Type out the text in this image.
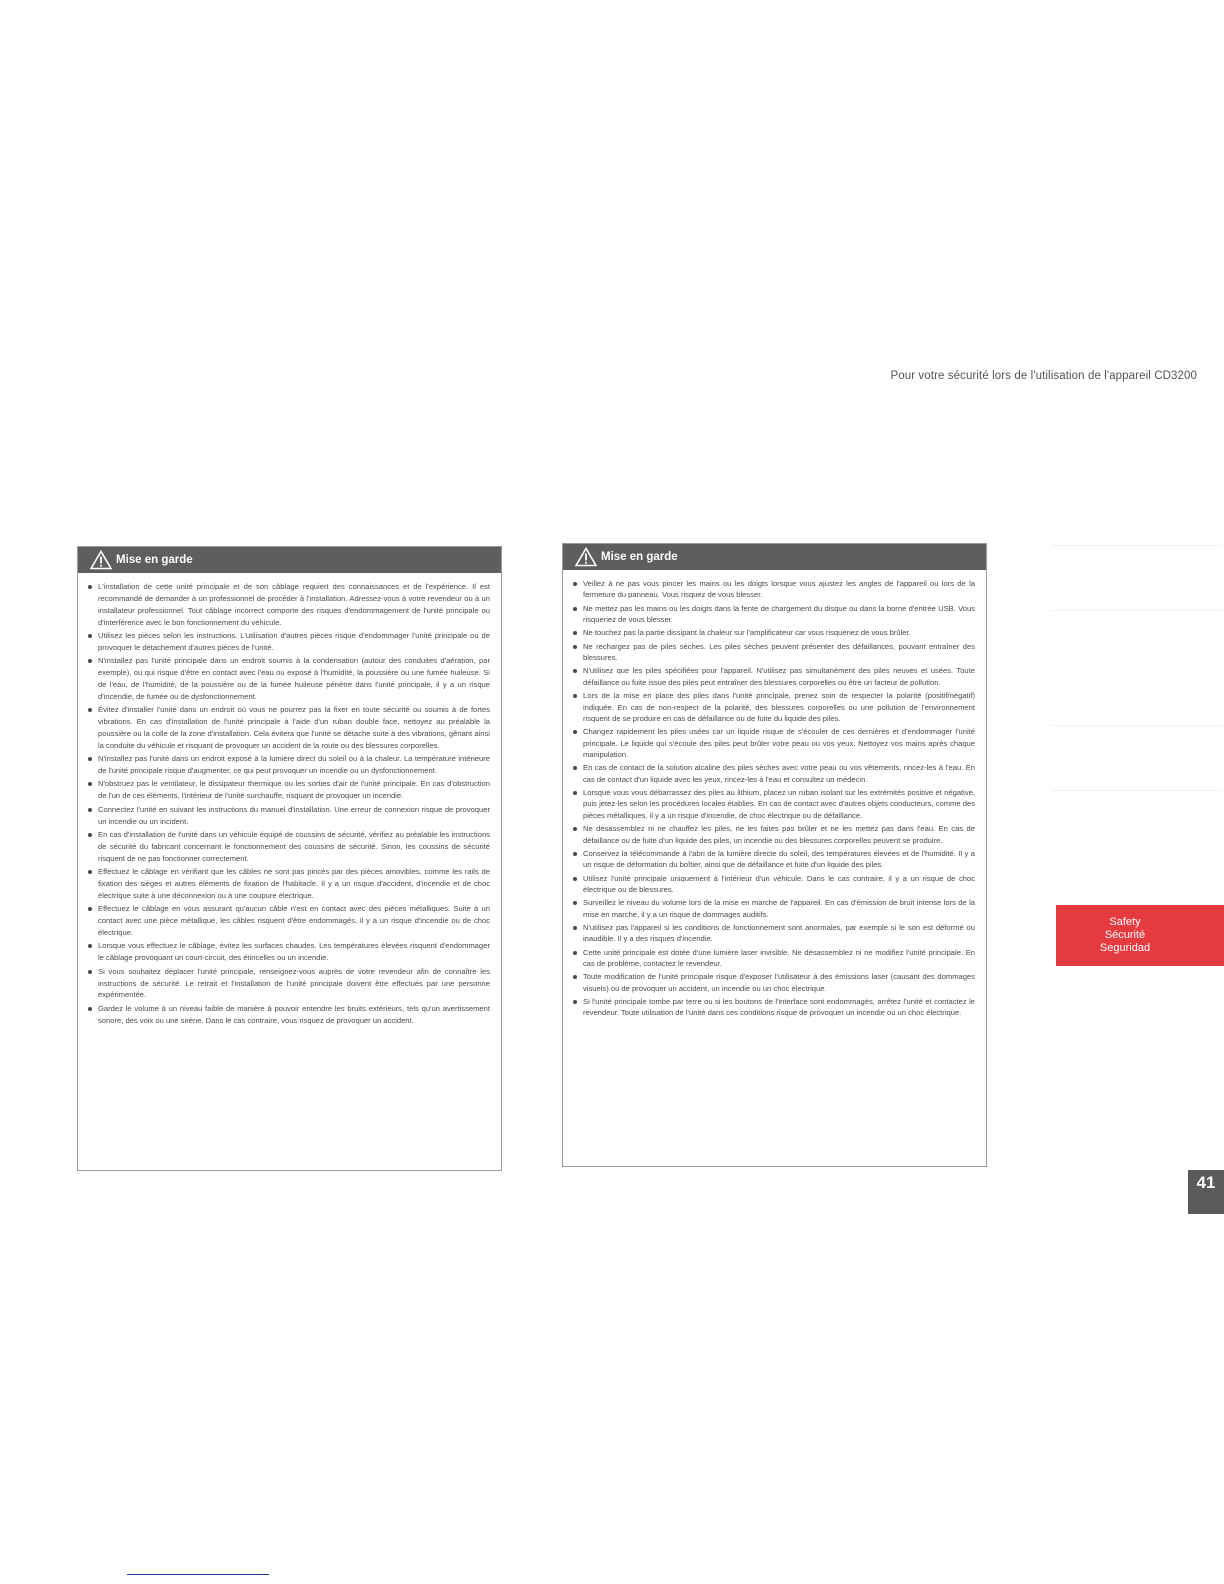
Pour votre sécurité lors de l'utilisation de l'appareil CD3200
Mise en garde
L'installation de cette unité principale et de son câblage requiert des connaissances et de l'expérience. Il est recommandé de demander à un professionnel de procéder à l'installation. Adressez-vous à votre revendeur ou à un installateur professionnel. Tout câblage incorrect comporte des risques d'endommagement de l'unité principale ou d'interférence avec le bon fonctionnement du véhicule.
Utilisez les pièces selon les instructions. L'utilisation d'autres pièces risque d'endommager l'unité principale ou de provoquer le détachement d'autres pièces de l'unité.
N'installez pas l'unité principale dans un endroit soumis à la condensation (autour des conduites d'aération, par exemple), ou qui risque d'être en contact avec l'eau ou exposé à l'humidité, la poussière ou une fumée huileuse. Si de l'eau, de l'humidité, de la poussière ou de la fumée huileuse pénètre dans l'unité principale, il y a un risque d'incendie, de fumée ou de dysfonctionnement.
Évitez d'installer l'unité dans un endroit où vous ne pourrez pas la fixer en toute sécurité ou soumis à de fortes vibrations. En cas d'installation de l'unité principale à l'aide d'un ruban double face, nettoyez au préalable la poussière ou la colle de la zone d'installation. Cela évitera que l'unité se détache suite à des vibrations, gênant ainsi la conduite du véhicule et risquant de provoquer un accident de la route ou des blessures corporelles.
N'installez pas l'unité dans un endroit exposé à la lumière direct du soleil ou à la chaleur. La température intérieure de l'unité principale risque d'augmenter, ce qui peut provoquer un incendie ou un dysfonctionnement.
N'obstruez pas le ventilateur, le dissipateur thermique ou les sorties d'air de l'unité principale. En cas d'obstruction de l'un de ces éléments, l'intérieur de l'unité surchauffe, risquant de provoquer un incendie.
Connectez l'unité en suivant les instructions du manuel d'installation. Une erreur de connexion risque de provoquer un incendie ou un incident.
En cas d'installation de l'unité dans un véhicule équipé de coussins de sécurité, vérifiez au préalable les instructions de sécurité du fabricant concernant le fonctionnement des coussins de sécurité. Sinon, les coussins de sécurité risquent de ne pas fonctionner correctement.
Effectuez le câblage en vérifiant que les câbles ne sont pas pincés par des pièces amovibles, comme les rails de fixation des sièges et autres éléments de fixation de l'habitacle. Il y a un risque d'accident, d'incendie et de choc électrique suite à une déconnexion ou à une coupure électrique.
Effectuez le câblage en vous assurant qu'aucun câble n'est en contact avec des pièces métalliques. Suite à un contact avec une pièce métallique, les câbles risquent d'être endommagés, il y a un risque d'incendie ou de choc électrique.
Lorsque vous effectuez le câblage, évitez les surfaces chaudes. Les températures élevées risquent d'endommager le câblage provoquant un court-circuit, des étincelles ou un incendie.
Si vous souhaitez déplacer l'unité principale, renseignez-vous auprès de votre revendeur afin de connaître les instructions de sécurité. Le retrait et l'installation de l'unité principale doivent être effectués par une personne expérimentée.
Gardez le volume à un niveau faible de manière à pouvoir entendre les bruits extérieurs, tels qu'un avertissement sonore, des voix ou une sirène. Dans le cas contraire, vous risquez de provoquer un accident.
Mise en garde
Veillez à ne pas vous pincer les mains ou les doigts lorsque vous ajustez les angles de l'appareil ou lors de la fermeture du panneau. Vous risquez de vous blesser.
Ne mettez pas les mains ou les doigts dans la fente de chargement du disque ou dans la borne d'entrée USB. Vous risqueriez de vous blesser.
Ne touchez pas la partie dissipant la chaleur sur l'amplificateur car vous risqueriez de vous brûler.
Ne rechargez pas de piles sèches. Les piles sèches peuvent présenter des défaillances, pouvant entraîner des blessures.
N'utilisez que les piles spécifiées pour l'appareil. N'utilisez pas simultanément des piles neuves et usées. Toute défaillance ou fuite issue des piles peut entraîner des blessures corporelles ou être un facteur de pollution.
Lors de la mise en place des piles dans l'unité principale, prenez soin de respecter la polarité (positif/négatif) indiquée. En cas de non-respect de la polarité, des blessures corporelles ou une pollution de l'environnement risquent de se produire en cas de défaillance ou de fuite du liquide des piles.
Changez rapidement les piles usées car un liquide risque de s'écouler de ces dernières et d'endommager l'unité principale. Le liquide qui s'écoule des piles peut brûler votre peau ou vos yeux. Nettoyez vos mains après chaque manipulation.
En cas de contact de la solution alcaline des piles sèches avec votre peau ou vos vêtements, rincez-les à l'eau. En cas de contact d'un liquide avec les yeux, rincez-les à l'eau et consultez un médecin.
Lorsque vous vous débarrassez des piles au lithium, placez un ruban isolant sur les extrémités positive et négative, puis jetez-les selon les procédures locales établies. En cas de contact avec d'autres objets conducteurs, comme des pièces métalliques, il y a un risque d'incendie, de choc électrique ou de défaillance.
Ne désassemblez ni ne chauffez les piles, ne les faites pas brûler et ne les mettez pas dans l'eau. En cas de défaillance ou de fuite d'un liquide des piles, un incendie ou des blessures corporelles peuvent se produire.
Conservez la télécommande à l'abri de la lumière directe du soleil, des températures élevées et de l'humidité. Il y a un risque de déformation du boîtier, ainsi que de défaillance et fuite d'un liquide des piles.
Utilisez l'unité principale uniquement à l'intérieur d'un véhicule. Dans le cas contraire, il y a un risque de choc électrique ou de blessures.
Surveillez le niveau du volume lors de la mise en marche de l'appareil. En cas d'émission de bruit intense lors de la mise en marche, il y a un risque de dommages auditifs.
N'utilisez pas l'appareil si les conditions de fonctionnement sont anormales, par exemple si le son est déformé ou inaudible. Il y a des risques d'incendie.
Cette unité principale est dotée d'une lumière laser invisible. Ne désassemblez ni ne modifiez l'unité principale. En cas de problème, contactez le revendeur.
Toute modification de l'unité principale risque d'exposer l'utilisateur à des émissions laser (causant des dommages visuels) ou de provoquer un accident, un incendie ou un choc électrique.
Si l'unité principale tombe par terre ou si les boutons de l'interface sont endommagés, arrêtez l'unité et contactez le revendeur. Toute utilisation de l'unité dans ces conditions risque de provoquer un incendie ou un choc électrique.
Safety
Sécurité
Seguridad
41
